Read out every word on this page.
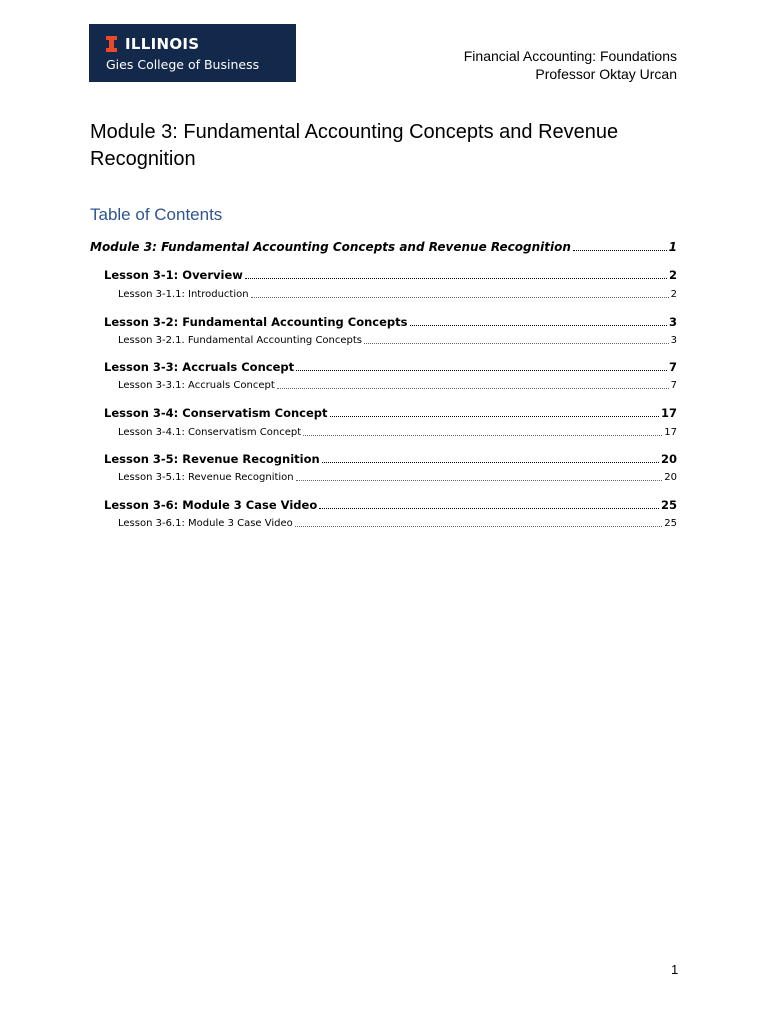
ILLINOIS
Gies College of Business
Financial Accounting: Foundations
Professor Oktay Urcan
Module 3: Fundamental Accounting Concepts and Revenue Recognition
Table of Contents
Module 3: Fundamental Accounting Concepts and Revenue Recognition	1
Lesson 3-1: Overview	2
Lesson 3-1.1: Introduction	2
Lesson 3-2: Fundamental Accounting Concepts	3
Lesson 3-2.1. Fundamental Accounting Concepts	3
Lesson 3-3: Accruals Concept	7
Lesson 3-3.1: Accruals Concept	7
Lesson 3-4: Conservatism Concept	17
Lesson 3-4.1: Conservatism Concept	17
Lesson 3-5: Revenue Recognition	20
Lesson 3-5.1: Revenue Recognition	20
Lesson 3-6: Module 3 Case Video	25
Lesson 3-6.1: Module 3 Case Video	25
1
